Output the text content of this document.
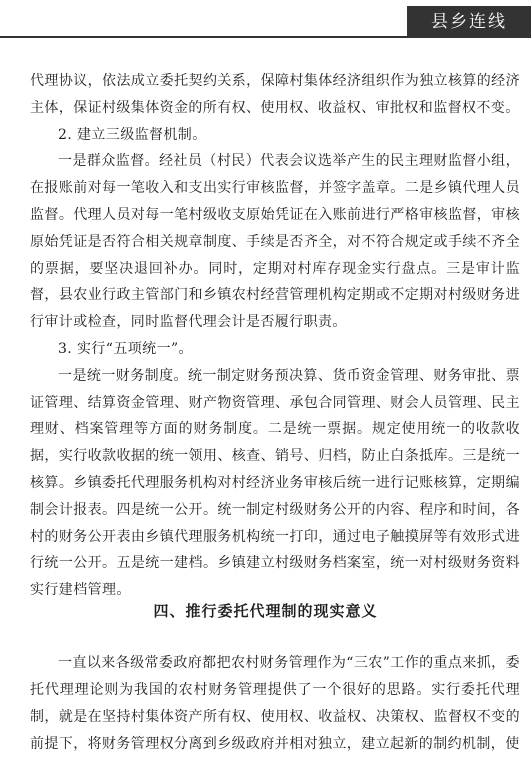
县乡连线

代理协议，依法成立委托契约关系，保障村集体经济组织作为独立核算的经济主体，保证村级集体资金的所有权、使用权、收益权、审批权和监督权不变。

2. 建立三级监督机制。

一是群众监督。经社员（村民）代表会议选举产生的民主理财监督小组，在报账前对每一笔收入和支出实行审核监督，并签字盖章。二是乡镇代理人员监督。代理人员对每一笔村级收支原始凭证在入账前进行严格审核监督，审核原始凭证是否符合相关规章制度、手续是否齐全，对不符合规定或手续不齐全的票据，要坚决退回补办。同时，定期对村库存现金实行盘点。三是审计监督，县农业行政主管部门和乡镇农村经营管理机构定期或不定期对村级财务进行审计或检查，同时监督代理会计是否履行职责。

3. 实行“五项统一”。

一是统一财务制度。统一制定财务预决算、货币资金管理、财务审批、票证管理、结算资金管理、财产物资管理、承包合同管理、财会人员管理、民主理财、档案管理等方面的财务制度。二是统一票据。规定使用统一的收款收据，实行收款收据的统一领用、核查、销号、归档，防止白条抵库。三是统一核算。乡镇委托代理服务机构对村经济业务审核后统一进行记账核算，定期编制会计报表。四是统一公开。统一制定村级财务公开的内容、程序和时间，各村的财务公开表由乡镇代理服务机构统一打印，通过电子触摸屏等有效形式进行统一公开。五是统一建档。乡镇建立村级财务档案室，统一对村级财务资料实行建档管理。

四、推行委托代理制的现实意义

一直以来各级常委政府都把农村财务管理作为“三农”工作的重点来抓，委托代理理论则为我国的农村财务管理提供了一个很好的思路。实行委托代理制，就是在坚持村集体资产所有权、使用权、收益权、决策权、监督权不变的前提下，将财务管理权分离到乡级政府并相对独立，建立起新的制约机制，使
